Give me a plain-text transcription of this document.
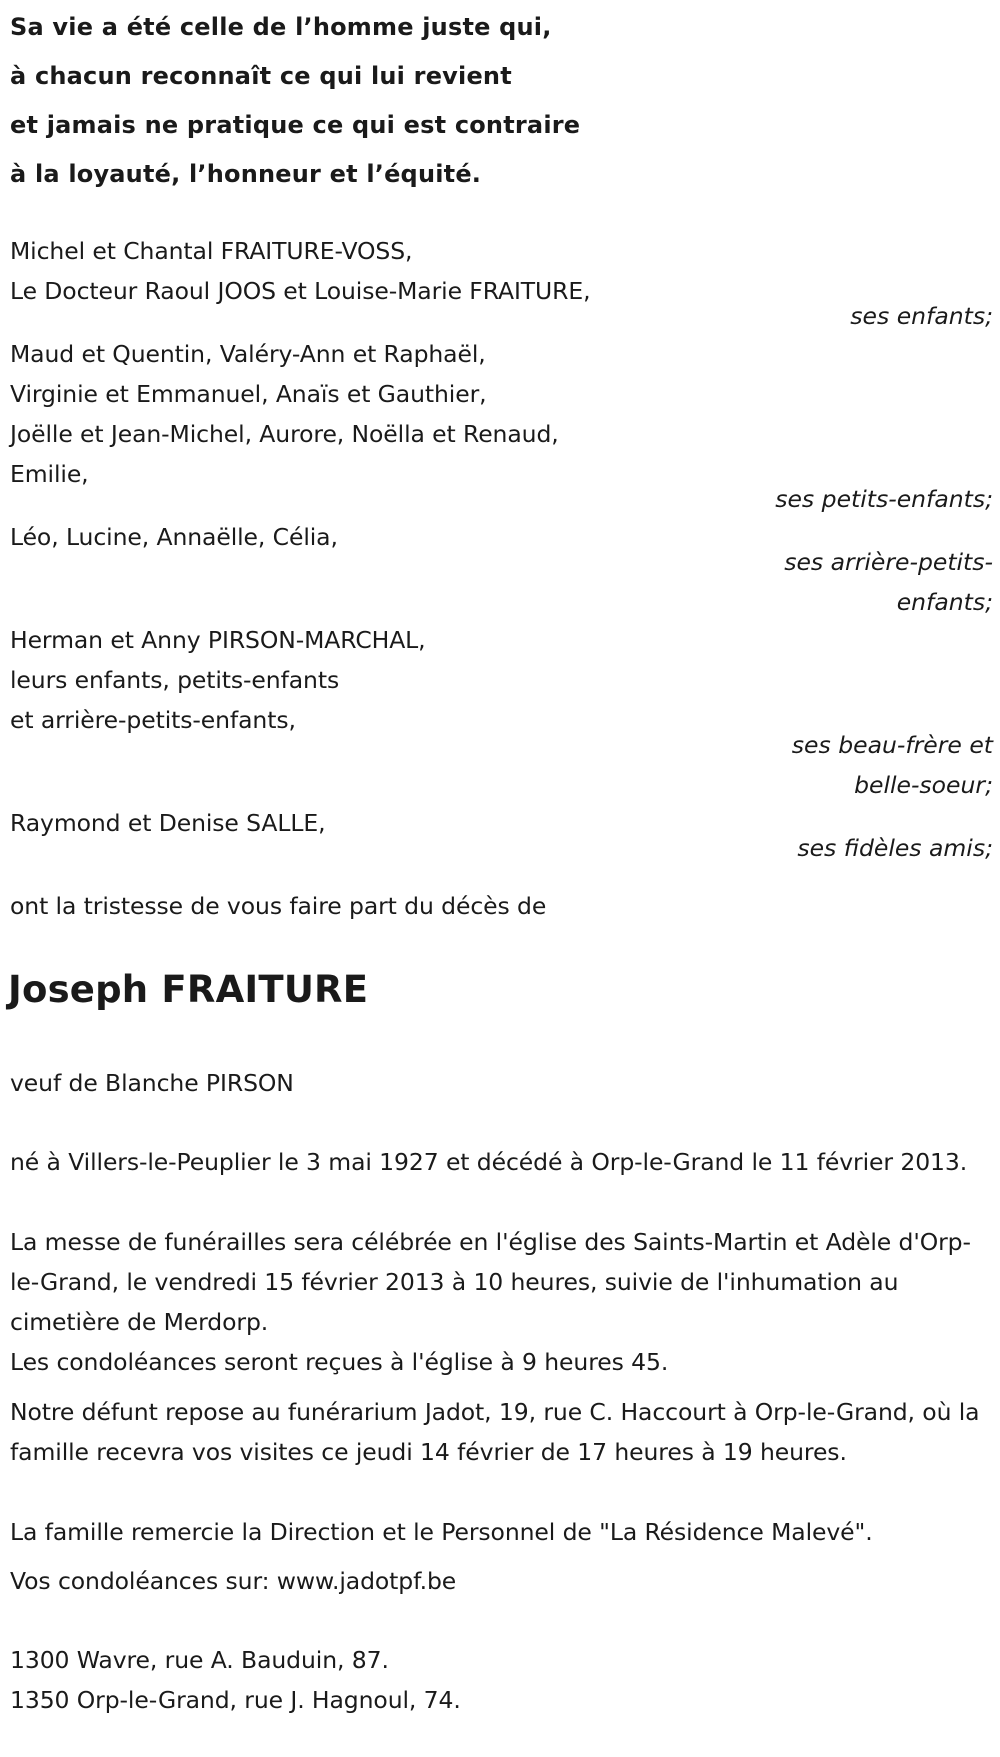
Sa vie a été celle de l’homme juste qui,
à chacun reconnaît ce qui lui revient
et jamais ne pratique ce qui est contraire
à la loyauté, l’honneur et l’équité.
Michel et Chantal FRAITURE-VOSS,
Le Docteur Raoul JOOS et Louise-Marie FRAITURE,
ses enfants;
Maud et Quentin, Valéry-Ann et Raphaël,
Virginie et Emmanuel, Anaïs et Gauthier,
Joëlle et Jean-Michel, Aurore, Noëlla et Renaud,
Emilie,
ses petits-enfants;
Léo, Lucine, Annaëlle, Célia,
ses arrière-petits-
enfants;
Herman et Anny PIRSON-MARCHAL,
leurs enfants, petits-enfants
et arrière-petits-enfants,
ses beau-frère et
belle-soeur;
Raymond et Denise SALLE,
ses fidèles amis;
ont la tristesse de vous faire part du décès de
Joseph FRAITURE
veuf de Blanche PIRSON
né à Villers-le-Peuplier le 3 mai 1927 et décédé à Orp-le-Grand le 11 février 2013.
La messe de funérailles sera célébrée en l'église des Saints-Martin et Adèle d'Orp-le-Grand, le vendredi 15 février 2013 à 10 heures, suivie de l'inhumation au cimetière de Merdorp.
Les condoléances seront reçues à l'église à 9 heures 45.
Notre défunt repose au funérarium Jadot, 19, rue C. Haccourt à Orp-le-Grand, où la famille recevra vos visites ce jeudi 14 février de 17 heures à 19 heures.
La famille remercie la Direction et le Personnel de "La Résidence Malevé".
Vos condoléances sur: www.jadotpf.be
1300 Wavre, rue A. Bauduin, 87.
1350 Orp-le-Grand, rue J. Hagnoul, 74.
